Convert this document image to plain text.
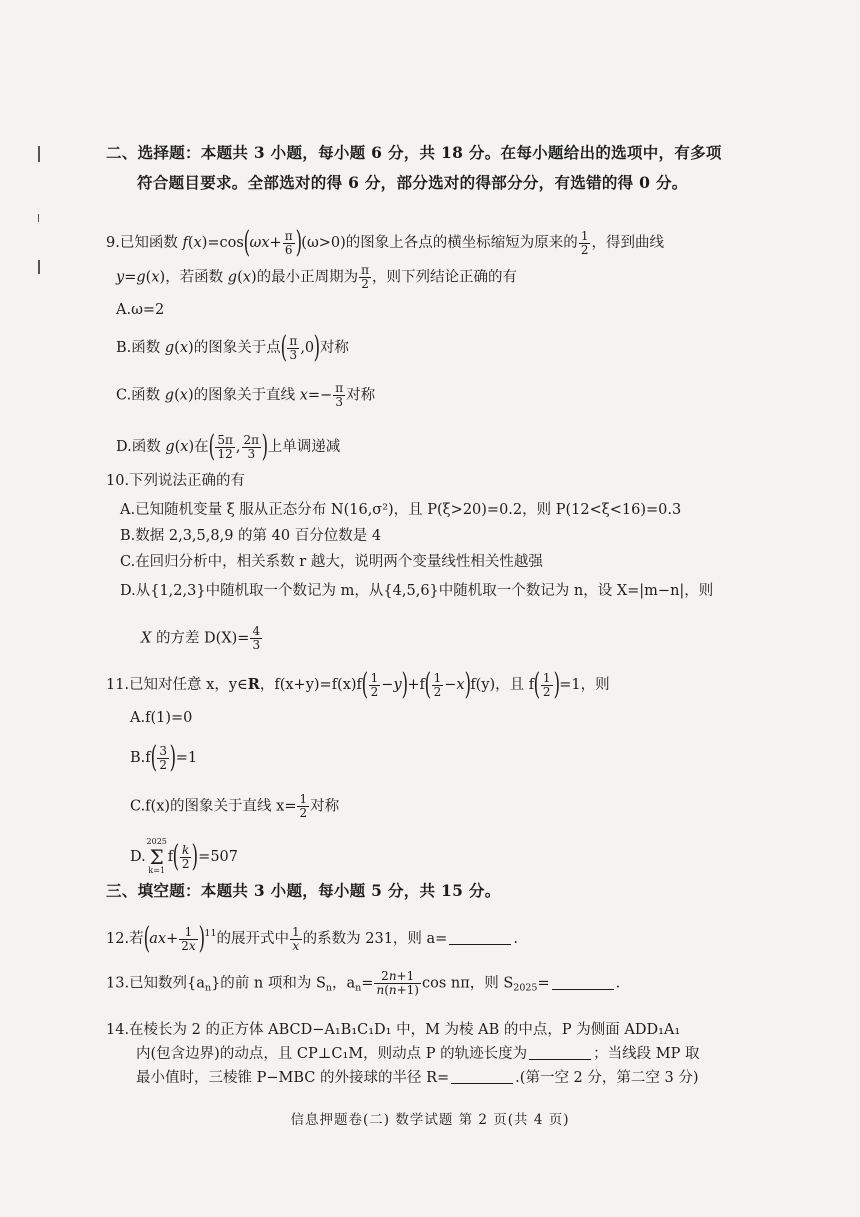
二、选择题：本题共 3 小题，每小题 6 分，共 18 分。在每小题给出的选项中，有多项
符合题目要求。全部选对的得 6 分，部分选对的得部分分，有选错的得 0 分。
9.已知函数 $f(x)=\cos(\omega x+ \frac{\pi}{6} )(\omega>0)$的图象上各点的横坐标缩短为原来的 $\frac{1}{2}$ ，得到曲线
y=g(x)，若函数 g(x)的最小正周期为 $\frac{\pi}{2}$ ，则下列结论正确的有
A.ω=2
B.函数 g(x)的图象关于点( $\frac{\pi}{3} ,0$)对称
C.函数 g(x)的图象关于直线 $x=- \frac{\pi}{3}$ 对称
D.函数 g(x)在( $\frac{5\pi}{12}$ , $\frac{2\pi}{3}$ )上单调递减
10.下列说法正确的有
A.已知随机变量 ξ 服从正态分布 N(16,σ²)，且 P(ξ>20)=0.2，则 P(12<ξ<16)=0.3
B.数据 2,3,5,8,9 的第 40 百分位数是 4
C.在回归分析中，相关系数 r 越大，说明两个变量线性相关性越强
D.从{1,2,3}中随机取一个数记为 m，从{4,5,6}中随机取一个数记为 n，设 X=|m−n|，则
X 的方差 $D(X)= \frac{4}{3}$
11.已知对任意 x，y∈R，$f(x+y)=f(x)f( \frac{1}{2} -y)+f( \frac{1}{2} -x)f(y)$，且 $f( \frac{1}{2} )=1$，则
A.f(1)=0
$B.f( \frac{3}{2} )=1$
C.f(x)的图象关于直线 $x= \frac{1}{2}$ 对称
D.
2025
Σ
k=1
$f( \frac{k}{2} )=507$
三、填空题：本题共 3 小题，每小题 5 分，共 15 分。
12.若$(ax+ \frac{1}{2x} )^{11}$的展开式中 $\frac{1}{x}$ 的系数为 231，则 a=	.
13.已知数列$\{a_n\}$的前 n 项和为 $S_n$，$a_n= \frac{2n+1}{n(n+1)}$ cos nπ，则 $S_{2025}=$	.
14.在棱长为 2 的正方体 ABCD−A₁B₁C₁D₁ 中，M 为棱 AB 的中点，P 为侧面 ADD₁A₁
内(包含边界)的动点，且 CP⊥C₁M，则动点 P 的轨迹长度为	；当线段 MP 取
最小值时，三棱锥 P−MBC 的外接球的半径 R=	.(第一空 2 分，第二空 3 分)
信息押题卷(二) 数学试题 第 2 页(共 4 页)
